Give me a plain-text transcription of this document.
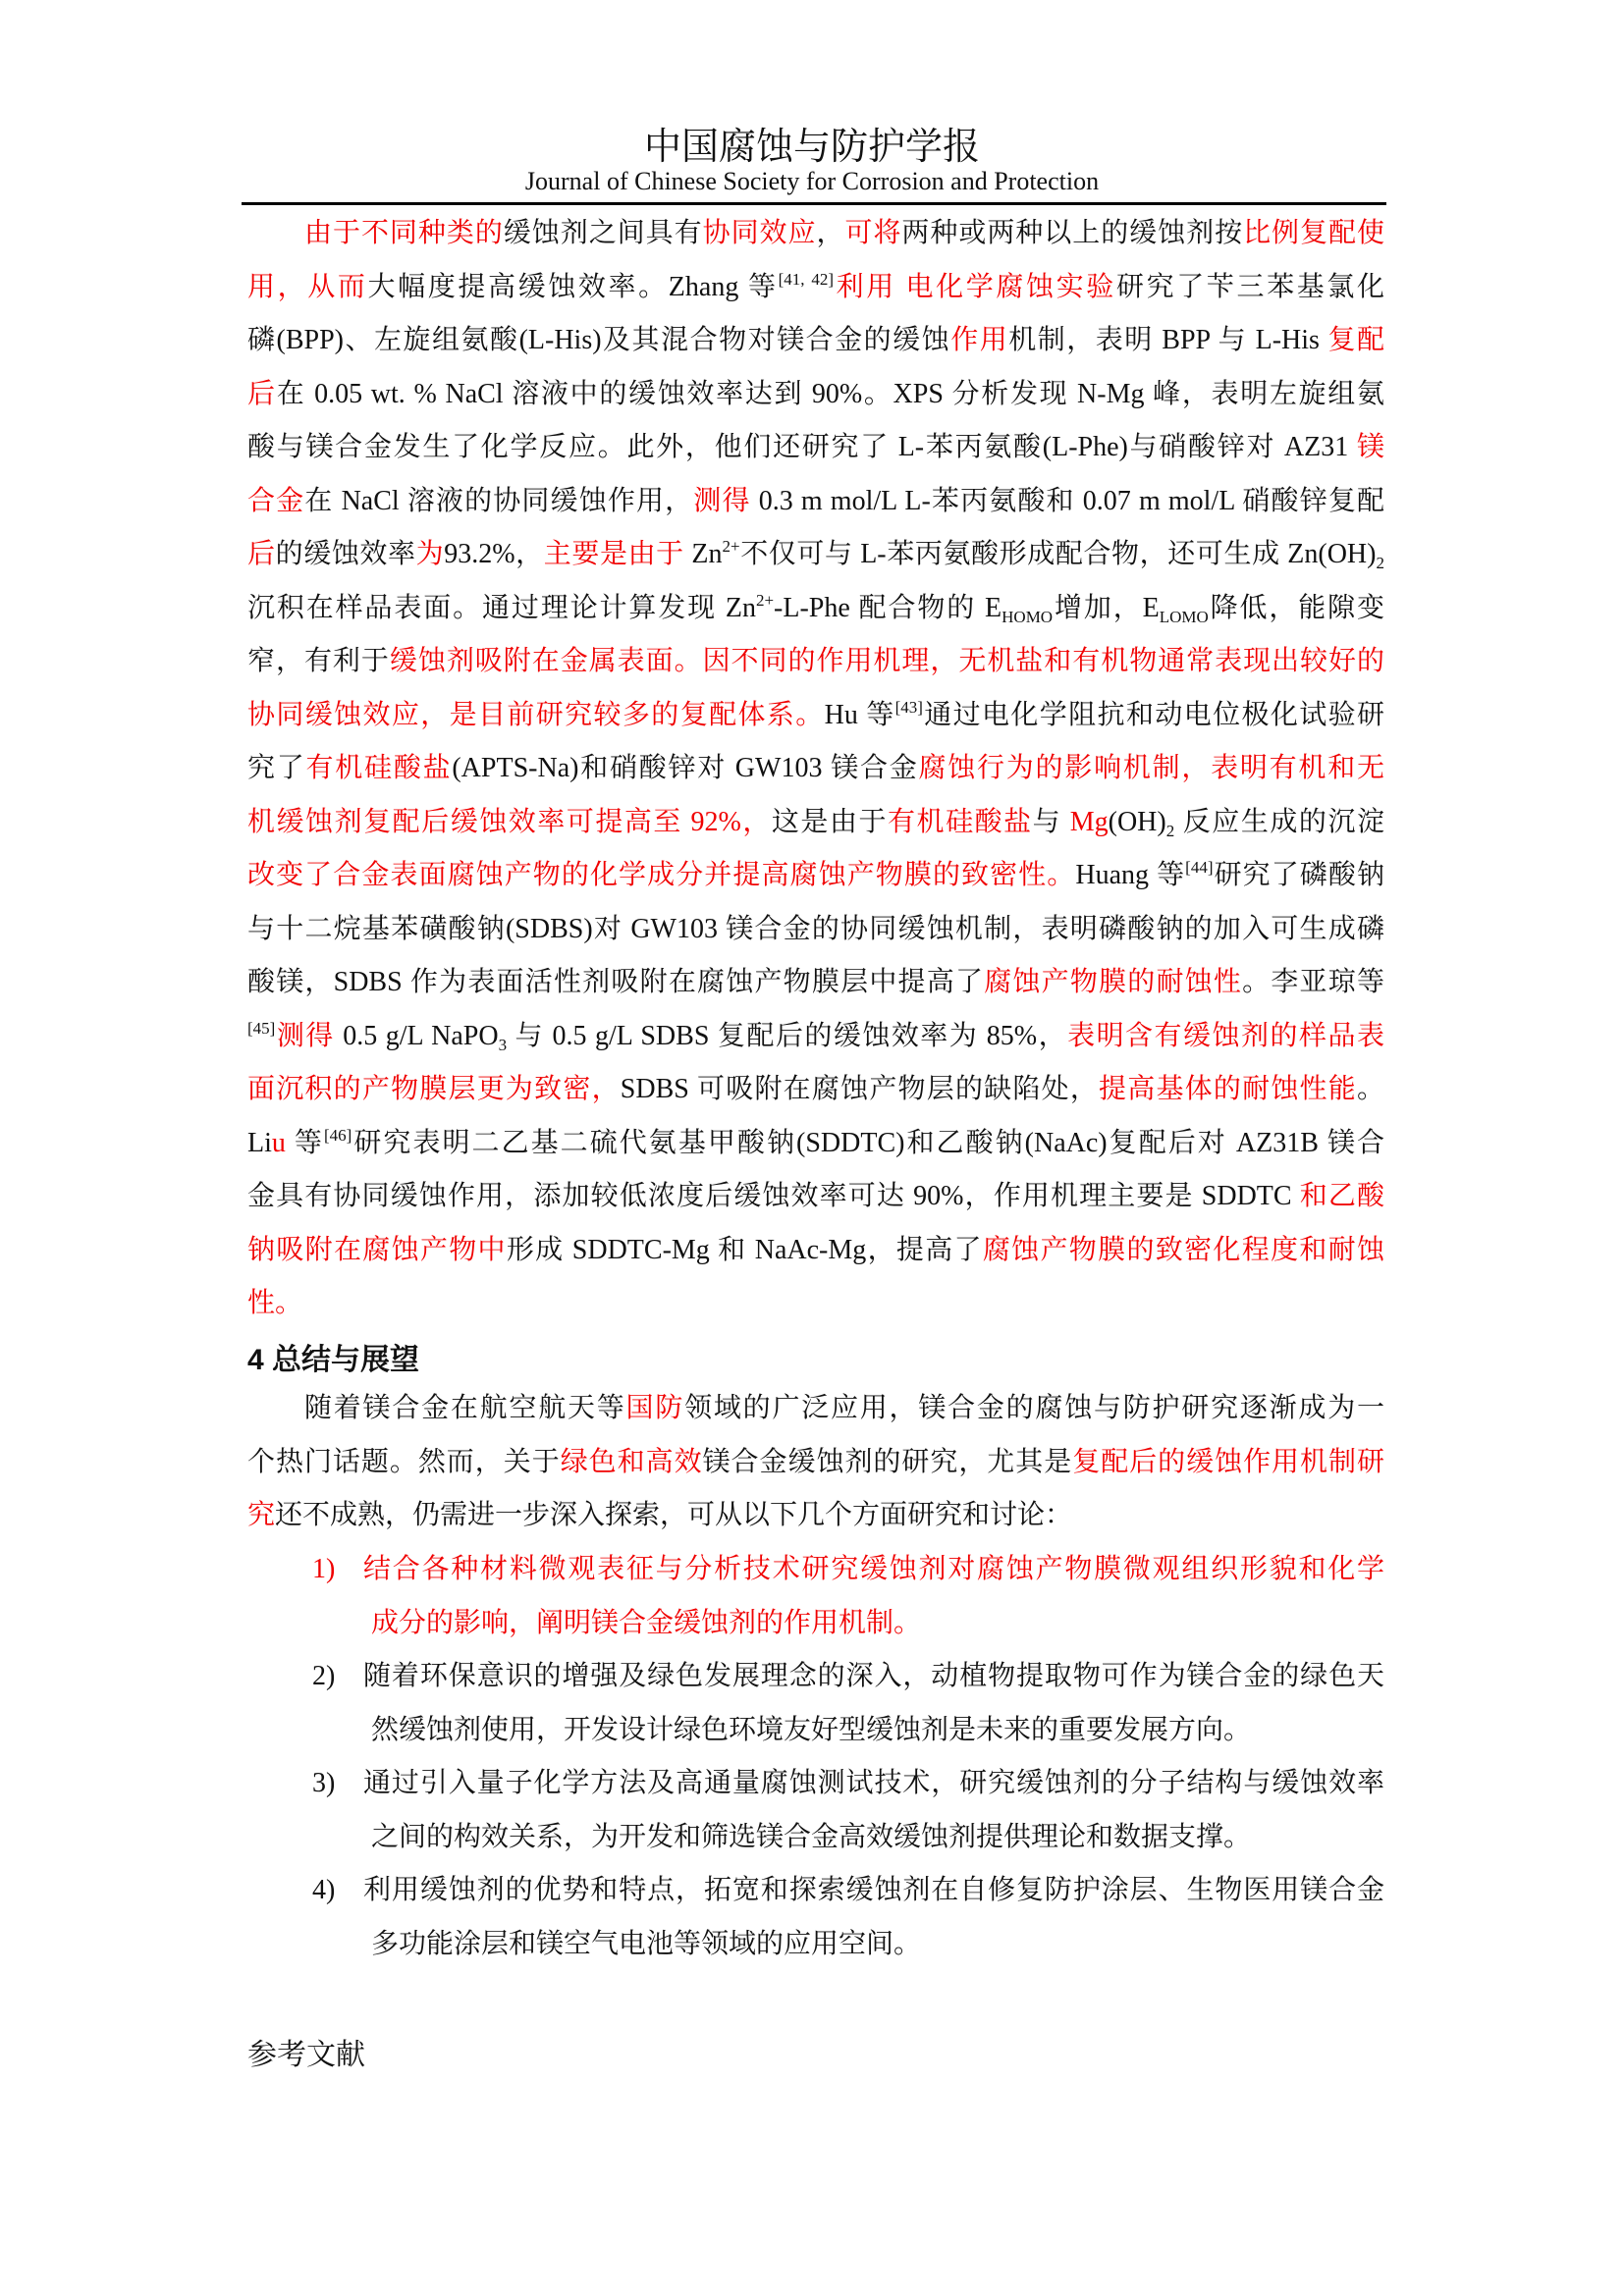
中国腐蚀与防护学报
Journal of Chinese Society for Corrosion and Protection
由于不同种类的缓蚀剂之间具有协同效应，可将两种或两种以上的缓蚀剂按比例复配使
用，从而大幅度提高缓蚀效率。Zhang 等[41, 42]利用 电化学腐蚀实验研究了苄三苯基氯化
磷(BPP)、左旋组氨酸(L-His)及其混合物对镁合金的缓蚀作用机制，表明 BPP 与 L-His 复配
后在 0.05 wt. % NaCl 溶液中的缓蚀效率达到 90%。XPS 分析发现 N-Mg 峰，表明左旋组氨
酸与镁合金发生了化学反应。此外，他们还研究了 L-苯丙氨酸(L-Phe)与硝酸锌对 AZ31 镁
合金在 NaCl 溶液的协同缓蚀作用，测得 0.3 m mol/L L-苯丙氨酸和 0.07 m mol/L 硝酸锌复配
后的缓蚀效率为93.2%，主要是由于 $Zn^{2+}$不仅可与 L-苯丙氨酸形成配合物，还可生成 $Zn(OH)_2$
沉积在样品表面。通过理论计算发现 $Zn^{2+}-L$-Phe 配合物的 $E_{HOMO}$增加，$E_{LOMO}$降低，能隙变
窄，有利于缓蚀剂吸附在金属表面。因不同的作用机理，无机盐和有机物通常表现出较好的
协同缓蚀效应，是目前研究较多的复配体系。Hu 等[43]通过电化学阻抗和动电位极化试验研
究了有机硅酸盐(APTS-Na)和硝酸锌对 GW103 镁合金腐蚀行为的影响机制，表明有机和无
机缓蚀剂复配后缓蚀效率可提高至 92%，这是由于有机硅酸盐与 $Mg(OH)_2$ 反应生成的沉淀
改变了合金表面腐蚀产物的化学成分并提高腐蚀产物膜的致密性。Huang 等[44]研究了磷酸钠
与十二烷基苯磺酸钠(SDBS)对 GW103 镁合金的协同缓蚀机制，表明磷酸钠的加入可生成磷
酸镁，SDBS 作为表面活性剂吸附在腐蚀产物膜层中提高了腐蚀产物膜的耐蚀性。李亚琼等
[45]测得 0.5 g/L NaPO$_3$ 与 0.5 g/L SDBS 复配后的缓蚀效率为 85%，表明含有缓蚀剂的样品表
面沉积的产物膜层更为致密，SDBS 可吸附在腐蚀产物层的缺陷处，提高基体的耐蚀性能。
Liu 等[46]研究表明二乙基二硫代氨基甲酸钠(SDDTC)和乙酸钠(NaAc)复配后对 AZ31B 镁合
金具有协同缓蚀作用，添加较低浓度后缓蚀效率可达 90%，作用机理主要是 SDDTC 和乙酸
钠吸附在腐蚀产物中形成 SDDTC-Mg 和 NaAc-Mg，提高了腐蚀产物膜的致密化程度和耐蚀
性。
4 总结与展望
随着镁合金在航空航天等国防领域的广泛应用，镁合金的腐蚀与防护研究逐渐成为一
个热门话题。然而，关于绿色和高效镁合金缓蚀剂的研究，尤其是复配后的缓蚀作用机制研
究还不成熟，仍需进一步深入探索，可从以下几个方面研究和讨论：
1) 结合各种材料微观表征与分析技术研究缓蚀剂对腐蚀产物膜微观组织形貌和化学
成分的影响，阐明镁合金缓蚀剂的作用机制。
2) 随着环保意识的增强及绿色发展理念的深入，动植物提取物可作为镁合金的绿色天
然缓蚀剂使用，开发设计绿色环境友好型缓蚀剂是未来的重要发展方向。
3) 通过引入量子化学方法及高通量腐蚀测试技术，研究缓蚀剂的分子结构与缓蚀效率
之间的构效关系，为开发和筛选镁合金高效缓蚀剂提供理论和数据支撑。
4) 利用缓蚀剂的优势和特点，拓宽和探索缓蚀剂在自修复防护涂层、生物医用镁合金
多功能涂层和镁空气电池等领域的应用空间。
参考文献
